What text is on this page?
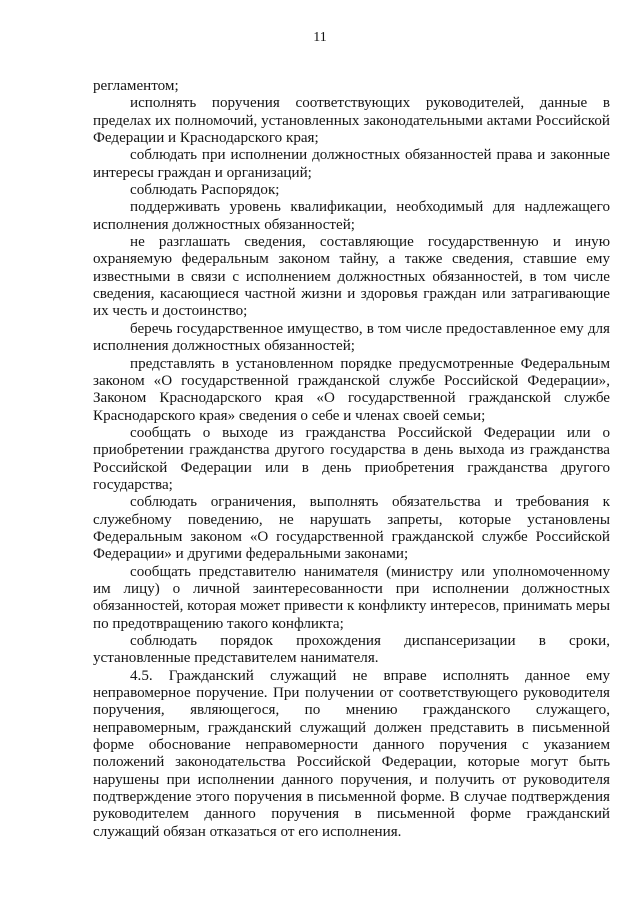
11

регламентом;

исполнять поручения соответствующих руководителей, данные в пределах их полномочий, установленных законодательными актами Российской Федерации и Краснодарского края;

соблюдать при исполнении должностных обязанностей права и законные интересы граждан и организаций;

соблюдать Распорядок;

поддерживать уровень квалификации, необходимый для надлежащего исполнения должностных обязанностей;

не разглашать сведения, составляющие государственную и иную охраняемую федеральным законом тайну, а также сведения, ставшие ему известными в связи с исполнением должностных обязанностей, в том числе сведения, касающиеся частной жизни и здоровья граждан или затрагивающие их честь и достоинство;

беречь государственное имущество, в том числе предоставленное ему для исполнения должностных обязанностей;

представлять в установленном порядке предусмотренные Федеральным законом «О государственной гражданской службе Российской Федерации», Законом Краснодарского края «О государственной гражданской службе Краснодарского края» сведения о себе и членах своей семьи;

сообщать о выходе из гражданства Российской Федерации или о приобретении гражданства другого государства в день выхода из гражданства Российской Федерации или в день приобретения гражданства другого государства;

соблюдать ограничения, выполнять обязательства и требования к служебному поведению, не нарушать запреты, которые установлены Федеральным законом «О государственной гражданской службе Российской Федерации» и другими федеральными законами;

сообщать представителю нанимателя (министру или уполномоченному им лицу) о личной заинтересованности при исполнении должностных обязанностей, которая может привести к конфликту интересов, принимать меры по предотвращению такого конфликта;

соблюдать порядок прохождения диспансеризации в сроки, установленные представителем нанимателя.

4.5. Гражданский служащий не вправе исполнять данное ему неправомерное поручение. При получении от соответствующего руководителя поручения, являющегося, по мнению гражданского служащего, неправомерным, гражданский служащий должен представить в письменной форме обоснование неправомерности данного поручения с указанием положений законодательства Российской Федерации, которые могут быть нарушены при исполнении данного поручения, и получить от руководителя подтверждение этого поручения в письменной форме. В случае подтверждения руководителем данного поручения в письменной форме гражданский служащий обязан отказаться от его исполнения.
